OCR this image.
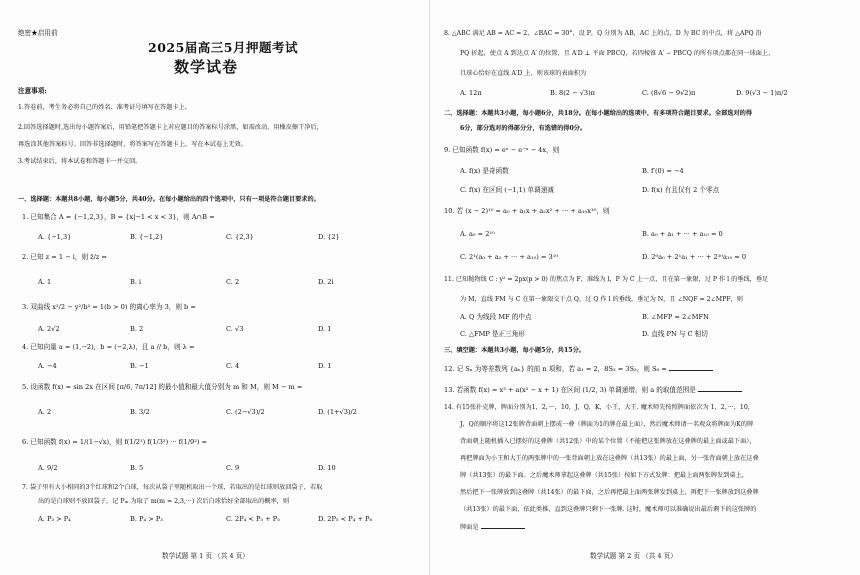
绝密★启用前
2025届高三5月押题考试
数学试卷
注意事项:
1.答卷前，考生务必将自己的姓名、准考证号填写在答题卡上。
2.回答选择题时,选出每小题答案后，用铅笔把答题卡上对应题目的答案标号涂黑，如需改动，用橡皮擦干净后,
再选涂其他答案标号。回答非选择题时，将答案写在答题卡上，写在本试卷上无效。
3.考试结束后，将本试卷和答题卡一并交回。
一、选择题：本题共8小题，每小题5分，共40分。在每小题给出的四个选项中，只有一项是符合题目要求的。
1. 已知集合 A = {−1,2,3}，B = {x|−1 < x < 3}，则 A∩B =
A. {−1,3}	B. {−1,2}	C. {2,3}	D. {2}
2. 已知 z = 1 − i，则 z̄/z =
A. 1	B. i	C. 2	D. 2i
3. 双曲线 x²/2 − y²/b² = 1(b > 0) 的离心率为 3，则 b =
A. 2√2	B. 2	C. √3	D. 1
4. 已知向量 a = (1,−2)，b = (−2,λ)，且 a // b，则 λ =
A. −4	B. −1	C. 4	D. 1
5. 设函数 f(x) = sin 2x 在区间 [π/6, 7π/12] 的最小值和最大值分别为 m 和 M，则 M − m =
A. 2	B. 3/2	C. (2−√3)/2	D. (1+√3)/2
6. 已知函数 f(x) = 1/(1−√x)，则 f(1/2²) f(1/3²) ··· f(1/9²) =
A. 9/2	B. 5	C. 9	D. 10
7. 袋子里有大小相同的3个红球和2个白球，每次从袋子里随机取出一个球，若取出的是红球则放回袋子，若取
出的是白球则不放回袋子，记 Pₘ 为取了 m(m = 2,3,···) 次后白球恰好全部取出的概率，则
A. P₃ > P₄	B. P₄ > P₃	C. 2P₄ < P₃ + P₅	D. 2P₅ < P₄ + P₆
数学试题 第 1 页 （共 4 页）
8. △ABC 满足 AB = AC = 2，∠BAC = 30°，设 P，Q 分别为 AB，AC 上的点，D 为 BC 的中点，将 △APQ 沿
PQ 折起，使点 A 到达点 A′ 的位置，且 A′D ⊥ 平面 PBCQ，若四棱锥 A′ − PBCQ 的所有项点都在同一球面上，
且球心恰好在直线 A′D 上，则该球的表面积为
A. 12π	B. 8(2 − √3)π	C. (8√6 − 9√2)π	D. 9(√3 − 1)π/2
二、选择题：本题共3小题，每小题6分，共18分。在每小题给出的选项中，有多项符合题目要求。全部选对的得
6分，部分选对的得部分分，有选错的得0分。
9. 已知函数 f(x) = eˣ − e⁻ˣ − 4x，则
A. f(x) 是奇函数	B. f′(0) = −4
C. f(x) 在区间 (−1,1) 单调递减	D. f(x) 有且仅有 2 个零点
10. 若 (x − 2)¹⁰ = a₀ + a₁x + a₂x² + ··· + a₁₀x¹⁰，则
A. a₀ = 2¹⁰	B. a₀ + a₁ + ··· + a₁₀ = 0
C. 2¹(a₀ + a₂ + ··· + a₁₀) = 3¹⁰	D. 2⁰a₀ + 2¹a₁ + ··· + 2¹⁰a₁₀ = 0
11. 已知抛物线 C : y² = 2px(p > 0) 的焦点为 F，准线为 l，P 为 C 上一点，且在第一象限，过 P 作 l 的垂线，垂足
为 M，直线 FM 与 C 在第一象限交于点 Q，过 Q 作 l 的垂线，垂足为 N，且 ∠NQF = 2∠MPF，则
A. Q 为线段 MF 的中点	B. ∠MFP = 2∠MFN
C. △FMP 是正三角形	D. 直线 PN 与 C 相切
三、填空题：本题共3小题，每小题5分，共15分。
12. 记 Sₙ 为等差数列 {aₙ} 的前 n 项和，若 a₁ = 2，8S₃ = 3S₅，则 S₆ =
13. 若函数 f(x) = x³ + a(x² − x + 1) 在区间 (1/2, 3) 单调递增，则 a 的取值范围是
14. 有15张扑克牌，牌面分别为1，2，···，10，J，Q，K，小王，大王. 魔术师先按照牌面依次为 1，2，···，10，
J，Q的顺序将这12张牌背面朝上摆成一叠（牌面为1的牌在最上面），然后魔术师请一名观众将牌面为K的牌
背面朝上随机插入已摆好的这叠牌（共12张）中的某个位置（不能把这张牌放在这叠牌的最上面或最下面），
再把牌面为小王和大王的两张牌中的一张背面朝上放在这叠牌（共13张）的最上面，另一张背面朝上放在这叠
牌（共13张）的最下面。之后魔术师拿起这叠牌（共15张）按如下方式发牌：把最上面两张牌发到桌上，
然后把下一张牌放到这叠牌（共14张）的最下面，之后再把最上面两张牌发到桌上，再把下一张牌放到这叠牌
（共13张）的最下面，依此类推，直到这叠牌只剩下一张牌. 这时，魔术师可以准确说出最后剩下的这张牌的
牌面是
数学试题 第 2 页 （共 4 页）
